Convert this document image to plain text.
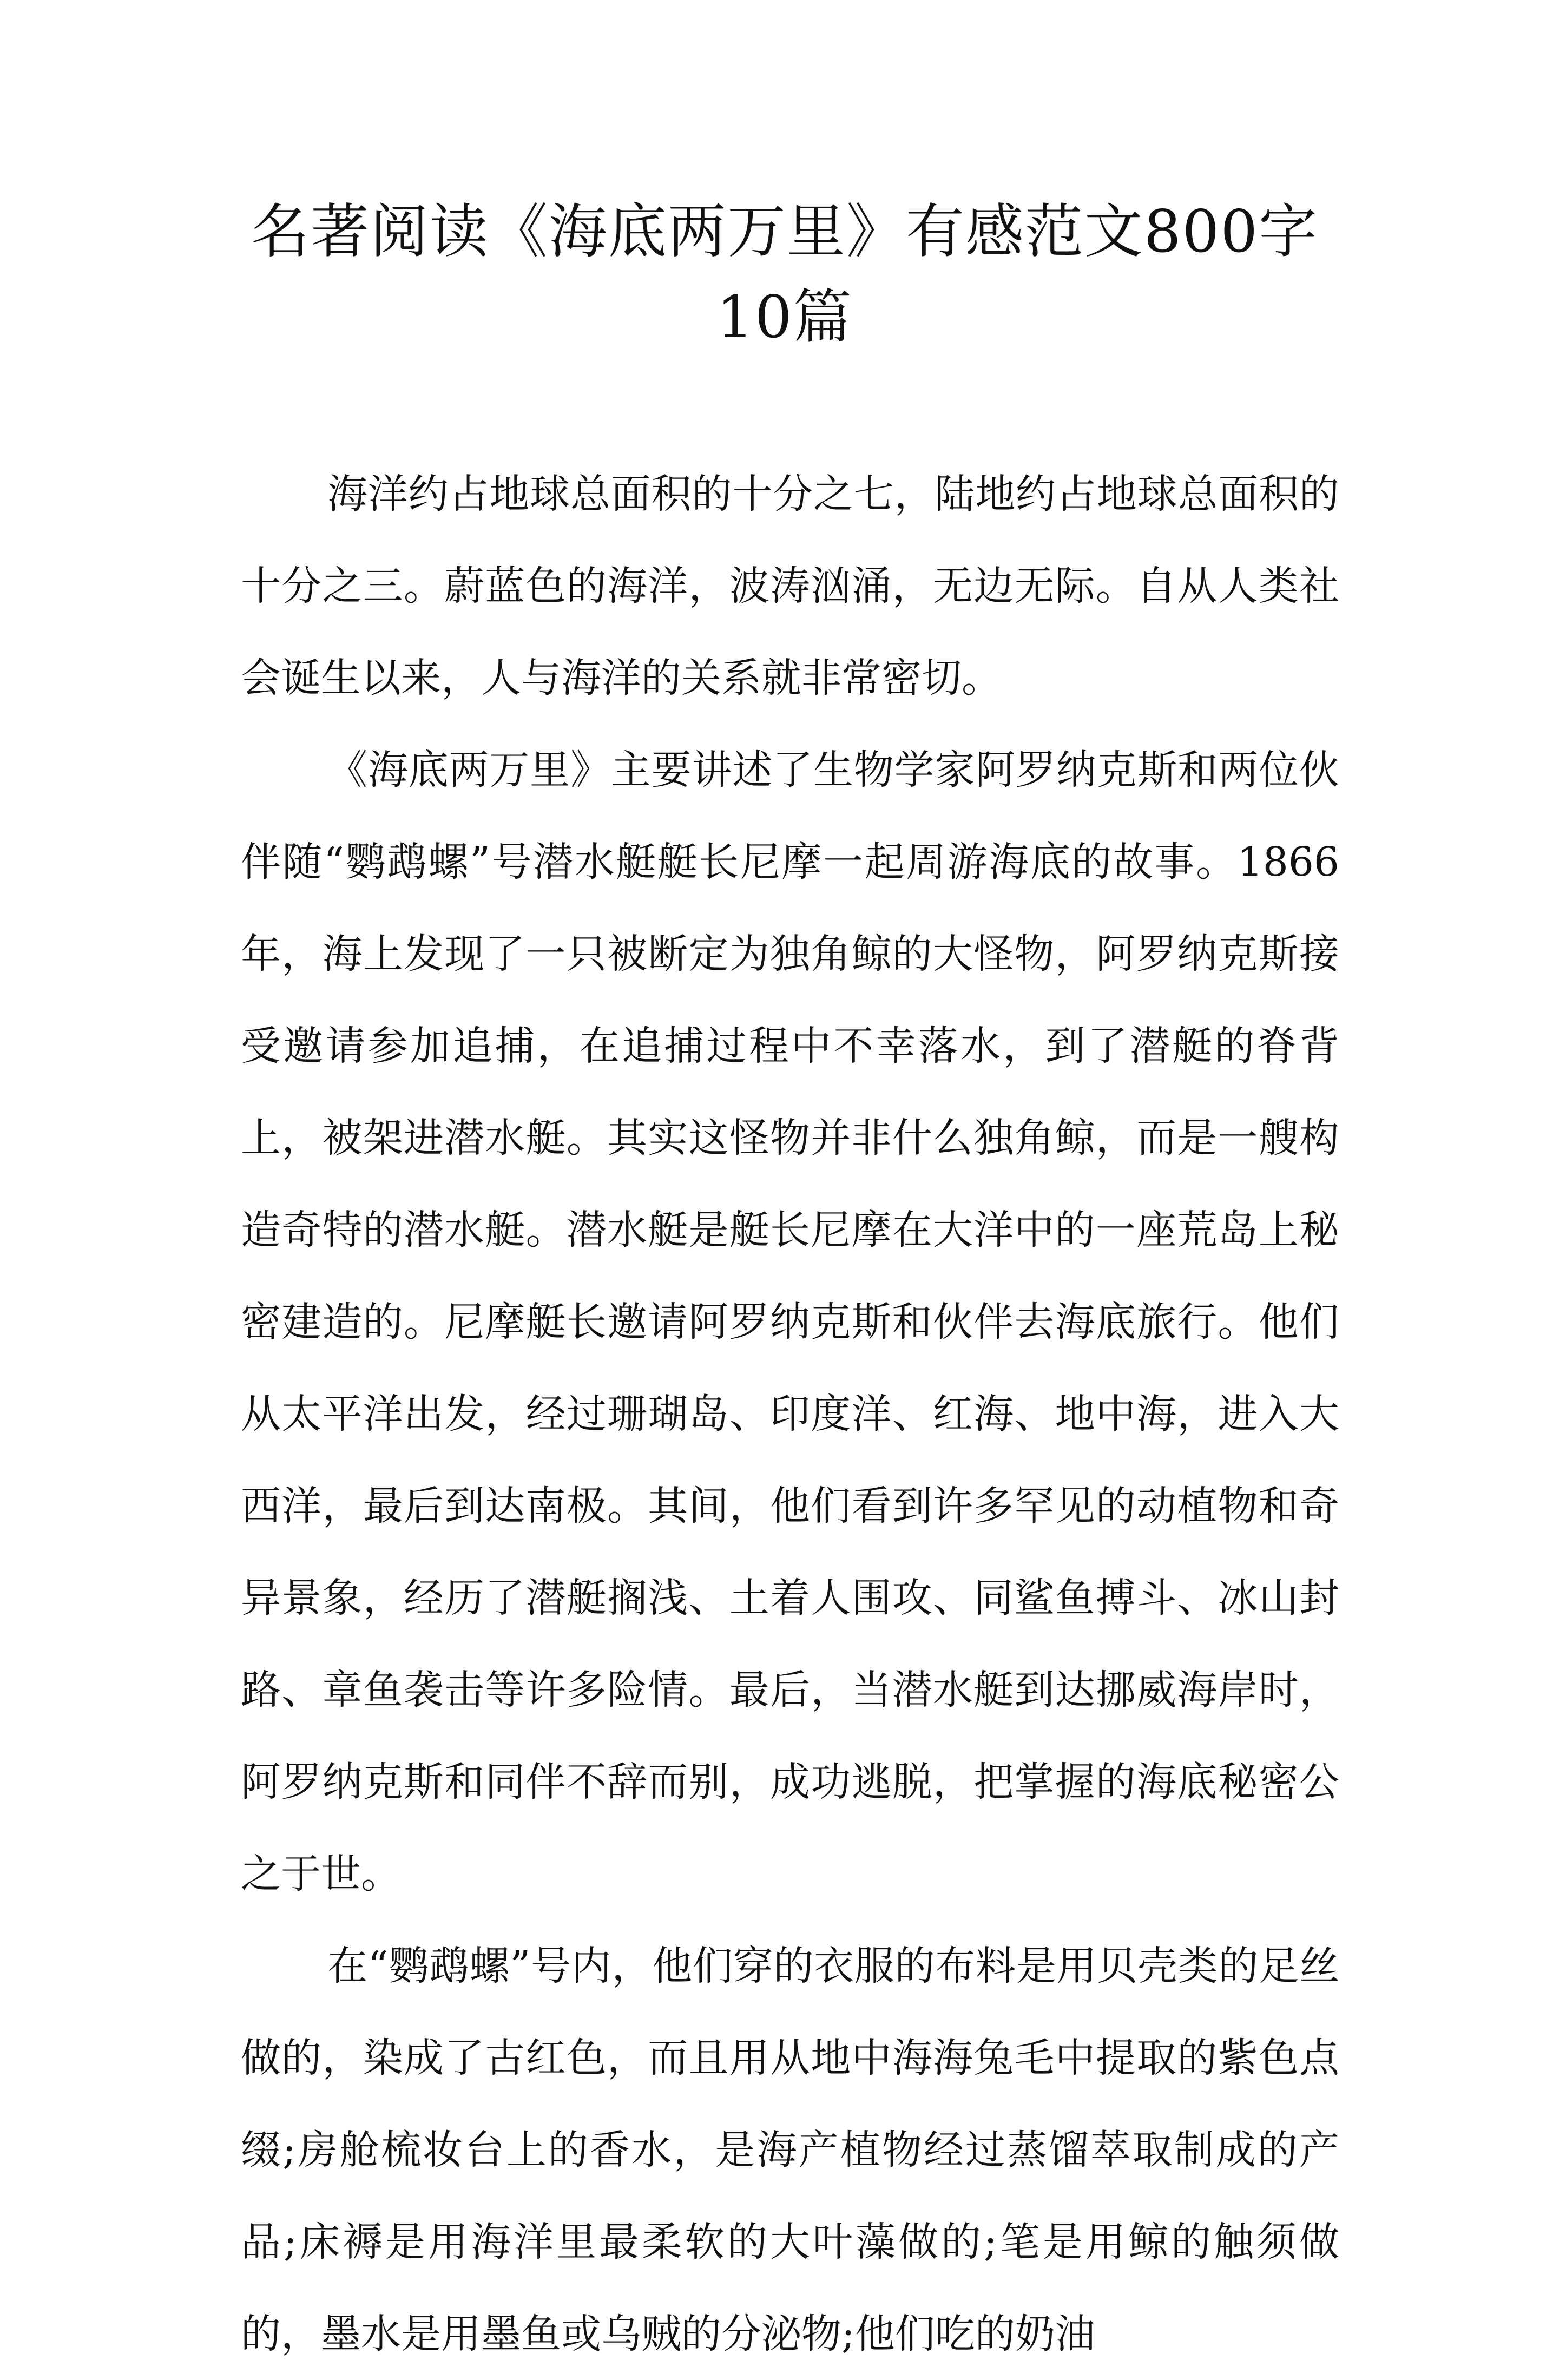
名著阅读《海底两万里》有感范文800字10篇

海洋约占地球总面积的十分之七，陆地约占地球总面积的十分之三。蔚蓝色的海洋，波涛汹涌，无边无际。自从人类社会诞生以来，人与海洋的关系就非常密切。

《海底两万里》主要讲述了生物学家阿罗纳克斯和两位伙伴随“鹦鹉螺”号潜水艇艇长尼摩一起周游海底的故事。1866年，海上发现了一只被断定为独角鲸的大怪物，阿罗纳克斯接受邀请参加追捕，在追捕过程中不幸落水，到了潜艇的脊背上，被架进潜水艇。其实这怪物并非什么独角鲸，而是一艘构造奇特的潜水艇。潜水艇是艇长尼摩在大洋中的一座荒岛上秘密建造的。尼摩艇长邀请阿罗纳克斯和伙伴去海底旅行。他们从太平洋出发，经过珊瑚岛、印度洋、红海、地中海，进入大西洋，最后到达南极。其间，他们看到许多罕见的动植物和奇异景象，经历了潜艇搁浅、土着人围攻、同鲨鱼搏斗、冰山封路、章鱼袭击等许多险情。最后，当潜水艇到达挪威海岸时，阿罗纳克斯和同伴不辞而别，成功逃脱，把掌握的海底秘密公之于世。

在“鹦鹉螺”号内，他们穿的衣服的布料是用贝壳类的足丝做的，染成了古红色，而且用从地中海海兔毛中提取的紫色点缀;房舱梳妆台上的香水，是海产植物经过蒸馏萃取制成的产品;床褥是用海洋里最柔软的大叶藻做的;笔是用鲸的触须做的，墨水是用墨鱼或乌贼的分泌物;他们吃的奶油
